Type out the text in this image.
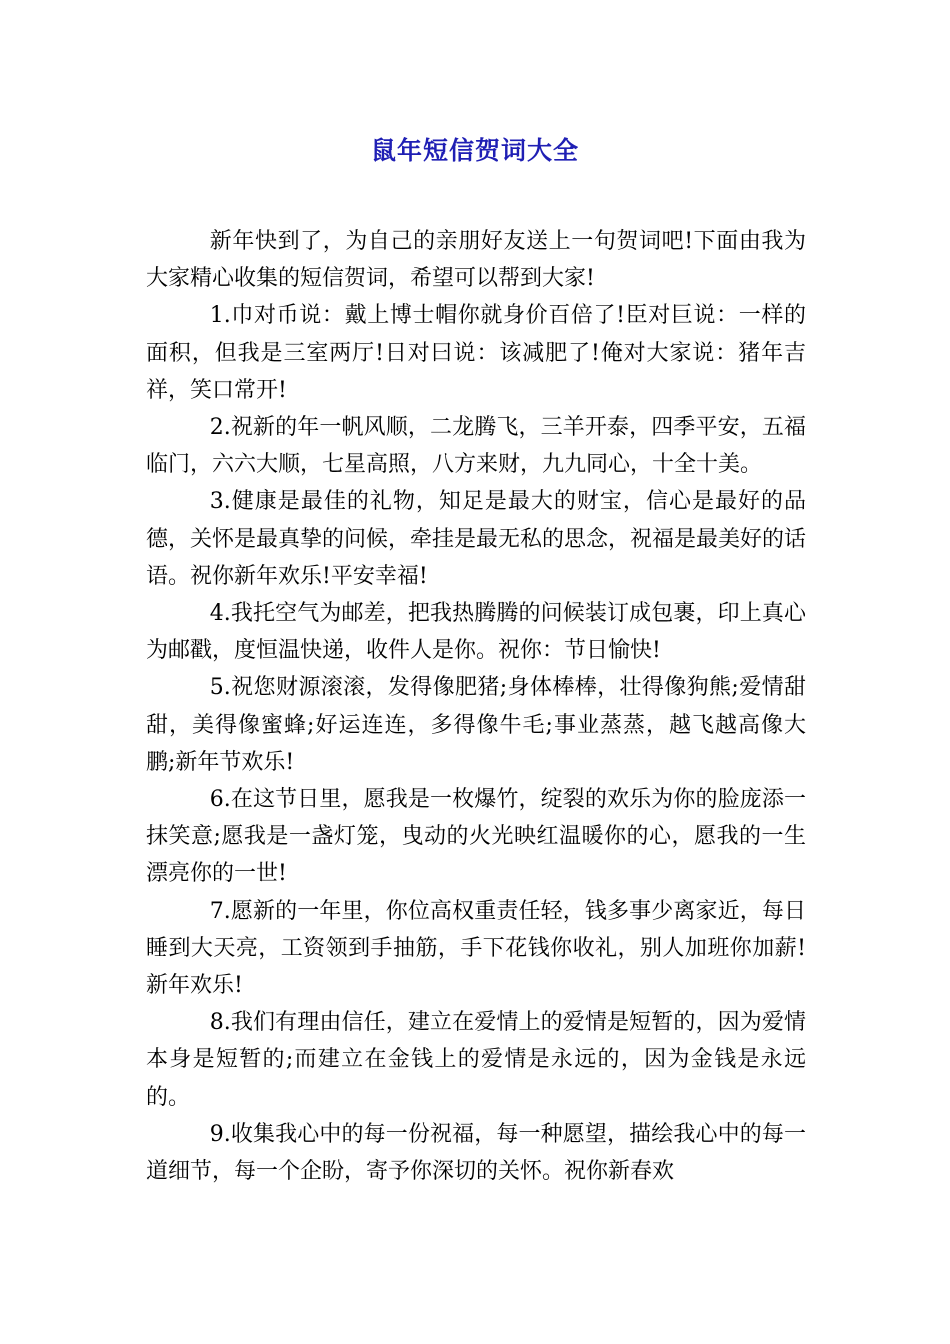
鼠年短信贺词大全

新年快到了，为自己的亲朋好友送上一句贺词吧!下面由我为大家精心收集的短信贺词，希望可以帮到大家!

1.巾对币说：戴上博士帽你就身价百倍了!臣对巨说：一样的面积，但我是三室两厅!日对曰说：该减肥了!俺对大家说：猪年吉祥，笑口常开!

2.祝新的年一帆风顺，二龙腾飞，三羊开泰，四季平安，五福临门，六六大顺，七星高照，八方来财，九九同心，十全十美。

3.健康是最佳的礼物，知足是最大的财宝，信心是最好的品德，关怀是最真挚的问候，牵挂是最无私的思念，祝福是最美好的话语。祝你新年欢乐!平安幸福!

4.我托空气为邮差，把我热腾腾的问候装订成包裹，印上真心为邮戳，度恒温快递，收件人是你。祝你：节日愉快!

5.祝您财源滚滚，发得像肥猪;身体棒棒，壮得像狗熊;爱情甜甜，美得像蜜蜂;好运连连，多得像牛毛;事业蒸蒸，越飞越高像大鹏;新年节欢乐!

6.在这节日里，愿我是一枚爆竹，绽裂的欢乐为你的脸庞添一抹笑意;愿我是一盏灯笼，曳动的火光映红温暖你的心，愿我的一生漂亮你的一世!

7.愿新的一年里，你位高权重责任轻，钱多事少离家近，每日睡到大天亮，工资领到手抽筋，手下花钱你收礼，别人加班你加薪!新年欢乐!

8.我们有理由信任，建立在爱情上的爱情是短暂的，因为爱情本身是短暂的;而建立在金钱上的爱情是永远的，因为金钱是永远的。

9.收集我心中的每一份祝福，每一种愿望，描绘我心中的每一道细节，每一个企盼，寄予你深切的关怀。祝你新春欢
